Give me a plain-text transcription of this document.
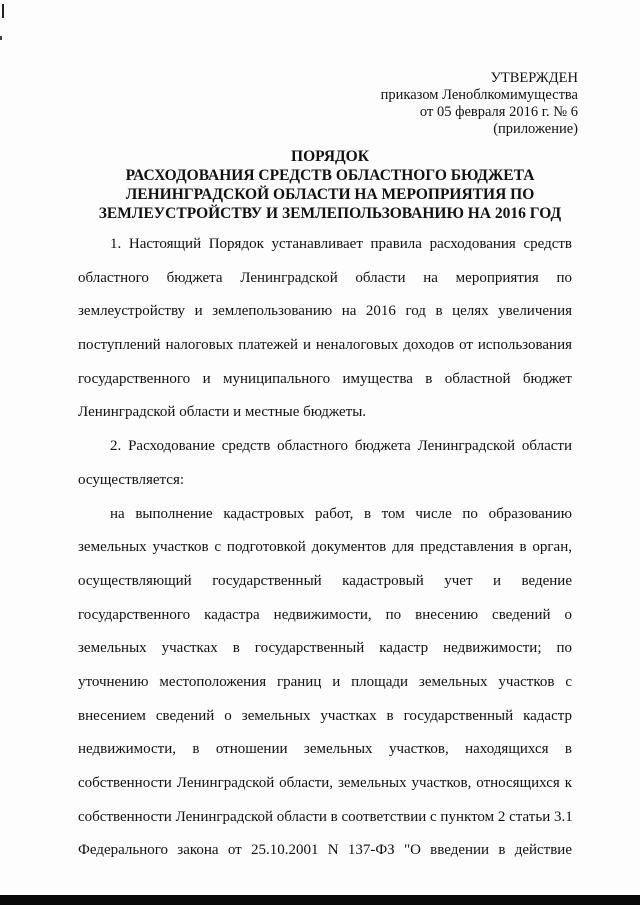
УТВЕРЖДЕН
приказом Леноблкомимущества
от 05 февраля 2016 г. № 6
(приложение)
ПОРЯДОК
РАСХОДОВАНИЯ СРЕДСТВ ОБЛАСТНОГО БЮДЖЕТА
ЛЕНИНГРАДСКОЙ ОБЛАСТИ НА МЕРОПРИЯТИЯ ПО
ЗЕМЛЕУСТРОЙСТВУ И ЗЕМЛЕПОЛЬЗОВАНИЮ НА 2016 ГОД
1. Настоящий Порядок устанавливает правила расходования средств
областного бюджета Ленинградской области на мероприятия по
землеустройству и землепользованию на 2016 год в целях увеличения
поступлений налоговых платежей и неналоговых доходов от использования
государственного и муниципального имущества в областной бюджет
Ленинградской области и местные бюджеты.
2. Расходование средств областного бюджета Ленинградской области
осуществляется:
на выполнение кадастровых работ, в том числе по образованию
земельных участков с подготовкой документов для представления в орган,
осуществляющий государственный кадастровый учет и ведение
государственного кадастра недвижимости, по внесению сведений о
земельных участках в государственный кадастр недвижимости; по
уточнению местоположения границ и площади земельных участков с
внесением сведений о земельных участках в государственный кадастр
недвижимости, в отношении земельных участков, находящихся в
собственности Ленинградской области, земельных участков, относящихся к
собственности Ленинградской области в соответствии с пунктом 2 статьи 3.1
Федерального закона от 25.10.2001 N 137-ФЗ "О введении в действие
